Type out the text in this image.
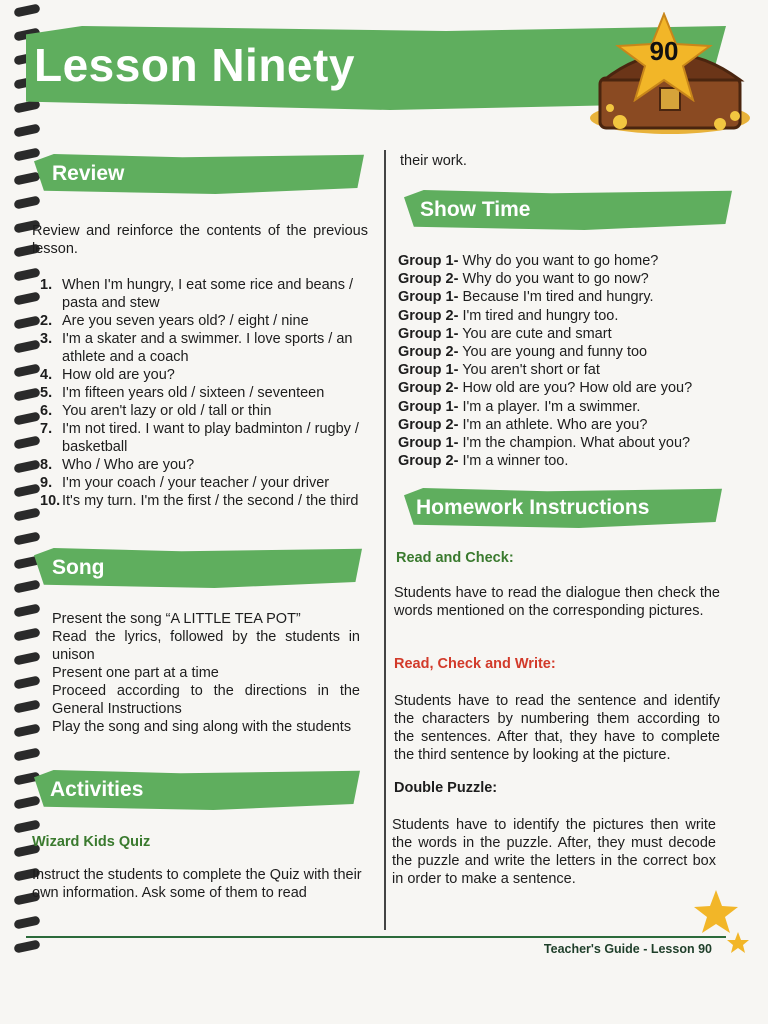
Lesson Ninety	90
Review
Review and reinforce the contents of the previous lesson.
1. When I'm hungry, I eat some rice and beans / pasta and stew
2. Are you seven years old? / eight / nine
3. I'm a skater and a swimmer. I love sports / an athlete and a coach
4. How old are you?
5. I'm fifteen years old / sixteen / seventeen
6. You aren't lazy or old / tall or thin
7. I'm not tired. I want to play badminton / rugby / basketball
8. Who / Who are you?
9. I'm your coach / your teacher / your driver
10. It's my turn. I'm the first / the second / the third
Song
Present the song “A LITTLE TEA POT”
Read the lyrics, followed by the students in unison
Present one part at a time
Proceed according to the directions in the General Instructions
Play the song and sing along with the students
Activities
Wizard Kids Quiz
Instruct the students to complete the Quiz with their own information. Ask some of them to read
their work.
Show Time
Group 1- Why do you want to go home?
Group 2- Why do you want to go now?
Group 1- Because I'm tired and hungry.
Group 2- I'm tired and hungry too.
Group 1- You are cute and smart
Group 2- You are young and funny too
Group 1- You aren't short or fat
Group 2- How old are you? How old are you?
Group 1- I'm a player. I'm a swimmer.
Group 2- I'm an athlete. Who are you?
Group 1- I'm the champion. What about you?
Group 2- I'm a winner too.
Homework Instructions
Read and Check:
Students have to read the dialogue then check the words mentioned on the corresponding pictures.
Read, Check and Write:
Students have to read the sentence and identify the characters by numbering them according to the sentences. After that, they have to complete the third sentence by looking at the picture.
Double Puzzle:
Students have to identify the pictures then write the words in the puzzle. After, they must decode the puzzle and write the letters in the correct box in order to make a sentence.
Teacher's Guide - Lesson 90
